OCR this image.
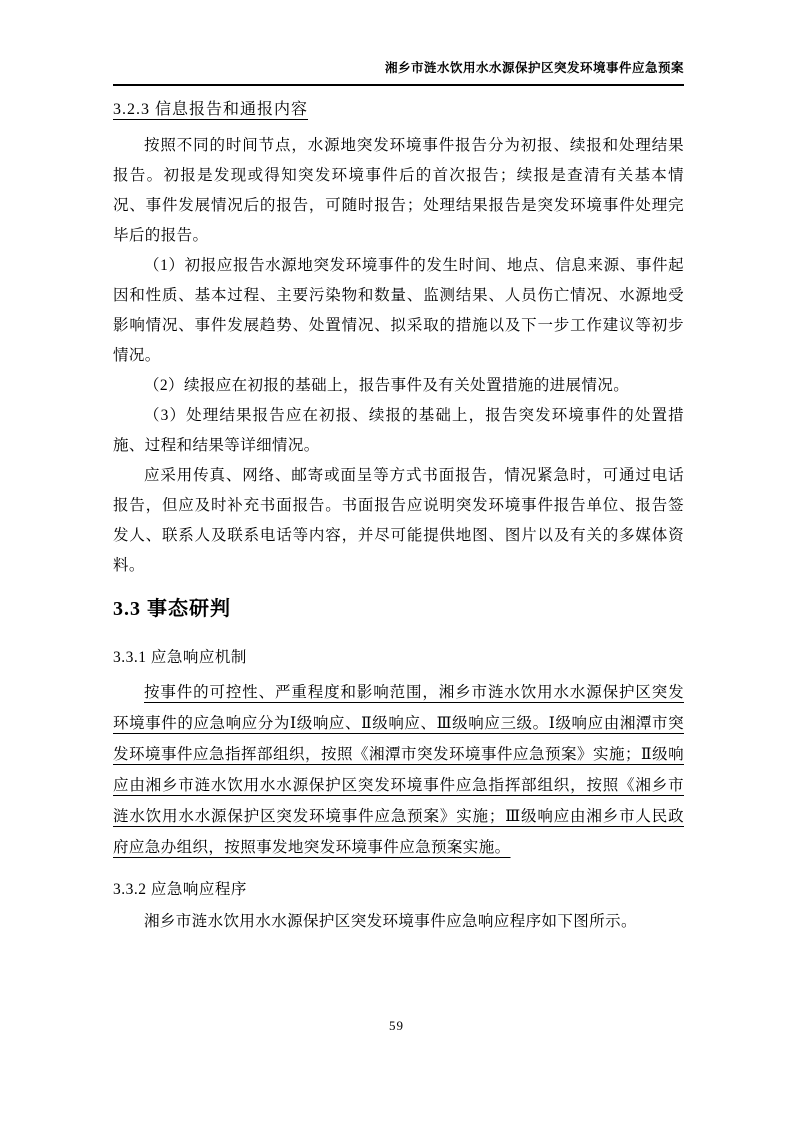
湘乡市涟水饮用水水源保护区突发环境事件应急预案
3.2.3 信息报告和通报内容

按照不同的时间节点，水源地突发环境事件报告分为初报、续报和处理结果报告。初报是发现或得知突发环境事件后的首次报告；续报是查清有关基本情况、事件发展情况后的报告，可随时报告；处理结果报告是突发环境事件处理完毕后的报告。

（1）初报应报告水源地突发环境事件的发生时间、地点、信息来源、事件起因和性质、基本过程、主要污染物和数量、监测结果、人员伤亡情况、水源地受影响情况、事件发展趋势、处置情况、拟采取的措施以及下一步工作建议等初步情况。

（2）续报应在初报的基础上，报告事件及有关处置措施的进展情况。

（3）处理结果报告应在初报、续报的基础上，报告突发环境事件的处置措施、过程和结果等详细情况。

应采用传真、网络、邮寄或面呈等方式书面报告，情况紧急时，可通过电话报告，但应及时补充书面报告。书面报告应说明突发环境事件报告单位、报告签发人、联系人及联系电话等内容，并尽可能提供地图、图片以及有关的多媒体资料。

3.3 事态研判
3.3.1 应急响应机制

按事件的可控性、严重程度和影响范围，湘乡市涟水饮用水水源保护区突发环境事件的应急响应分为Ⅰ级响应、Ⅱ级响应、Ⅲ级响应三级。Ⅰ级响应由湘潭市突发环境事件应急指挥部组织，按照《湘潭市突发环境事件应急预案》实施；Ⅱ级响应由湘乡市涟水饮用水水源保护区突发环境事件应急指挥部组织，按照《湘乡市涟水饮用水水源保护区突发环境事件应急预案》实施；Ⅲ级响应由湘乡市人民政府应急办组织，按照事发地突发环境事件应急预案实施。

3.3.2 应急响应程序

湘乡市涟水饮用水水源保护区突发环境事件应急响应程序如下图所示。

59
